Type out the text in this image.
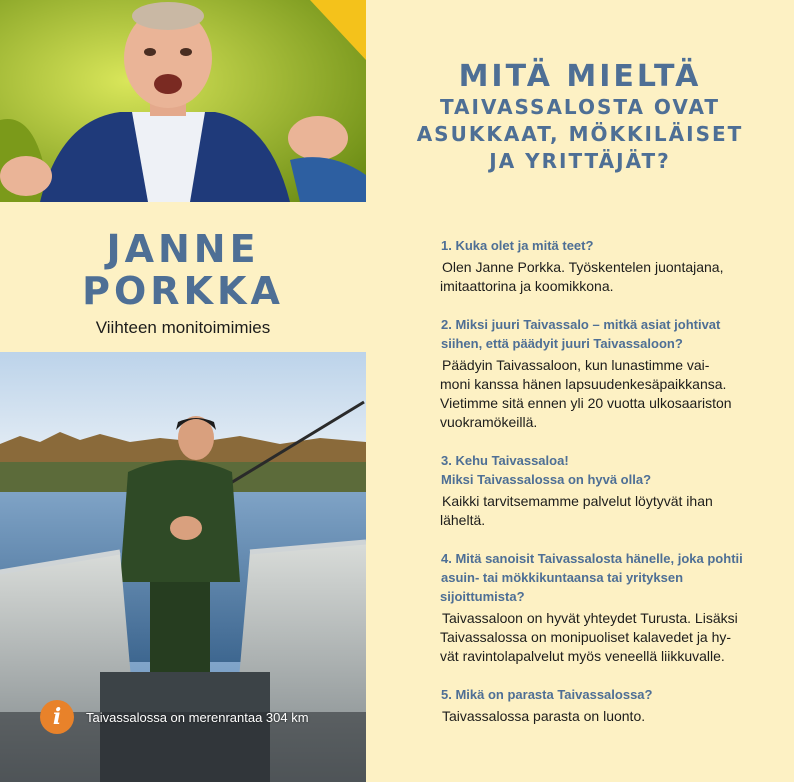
JANNE
PORKKA
Viihteen monitoimimies
i	Taivassalossa on merenrantaa 304 km
MITÄ MIELTÄ
TAIVASSALOSTA OVAT
ASUKKAAT, MÖKKILÄISET
JA YRITTÄJÄT?
1. Kuka olet ja mitä teet?

Olen Janne Porkka. Työskentelen juontajana,

imitaattorina ja koomikkona.

2. Miksi juuri Taivassalo – mitkä asiat johtivat
siihen, että päädyit juuri Taivassaloon?

Päädyin Taivassaloon, kun lunastimme vai-

moni kanssa hänen lapsuudenkesäpaikkansa.

Vietimme sitä ennen yli 20 vuotta ulkosaariston

vuokramökeillä.

3. Kehu Taivassaloa!
Miksi Taivassalossa on hyvä olla?

Kaikki tarvitsemamme palvelut löytyvät ihan

läheltä.

4. Mitä sanoisit Taivassalosta hänelle, joka pohtii
asuin- tai mökkikuntaansa tai yrityksen sijoittumista?

Taivassaloon on hyvät yhteydet Turusta. Lisäksi

Taivassalossa on monipuoliset kalavedet ja hy-

vät ravintolapalvelut myös veneellä liikkuvalle.

5. Mikä on parasta Taivassalossa?

Taivassalossa parasta on luonto.
